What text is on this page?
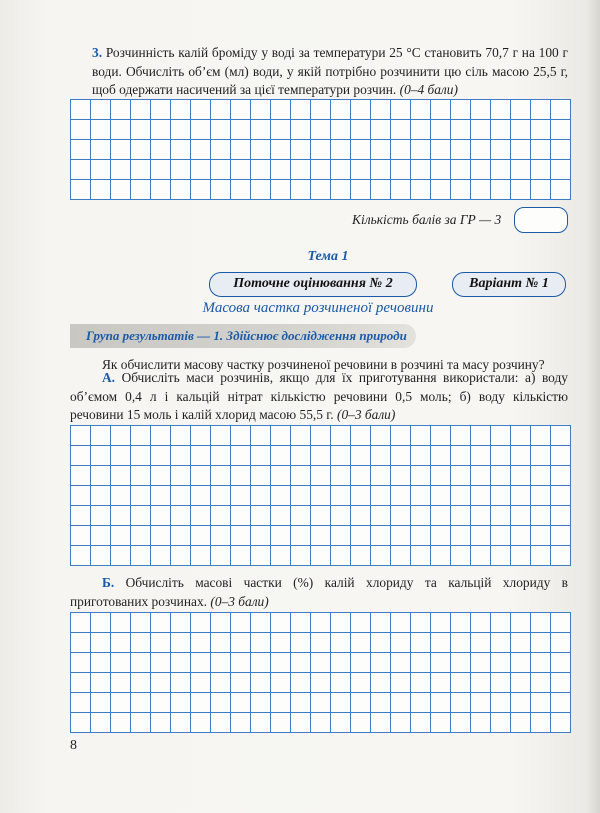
3. Розчинність калій броміду у воді за температури 25 °С становить 70,7 г на 100 г води. Обчисліть об’єм (мл) води, у якій потрібно розчинити цю сіль масою 25,5 г, щоб одержати насичений за цієї температури розчин. (0–4 бали)
Кількість балів за ГР — 3
Тема 1
Поточне оцінювання № 2	Варіант № 1
Масова частка розчиненої речовини
Група результатів — 1. Здійснює дослідження природи
Як обчислити масову частку розчиненої речовини в розчині та масу розчину?
А. Обчисліть маси розчинів, якщо для їх приготування використали: а) воду об’ємом 0,4 л і кальцій нітрат кількістю речовини 0,5 моль; б) воду кількістю речовини 15 моль і калій хлорид масою 55,5 г. (0–3 бали)
Б. Обчисліть масові частки (%) калій хлориду та кальцій хлориду в приготованих розчинах. (0–3 бали)
8
